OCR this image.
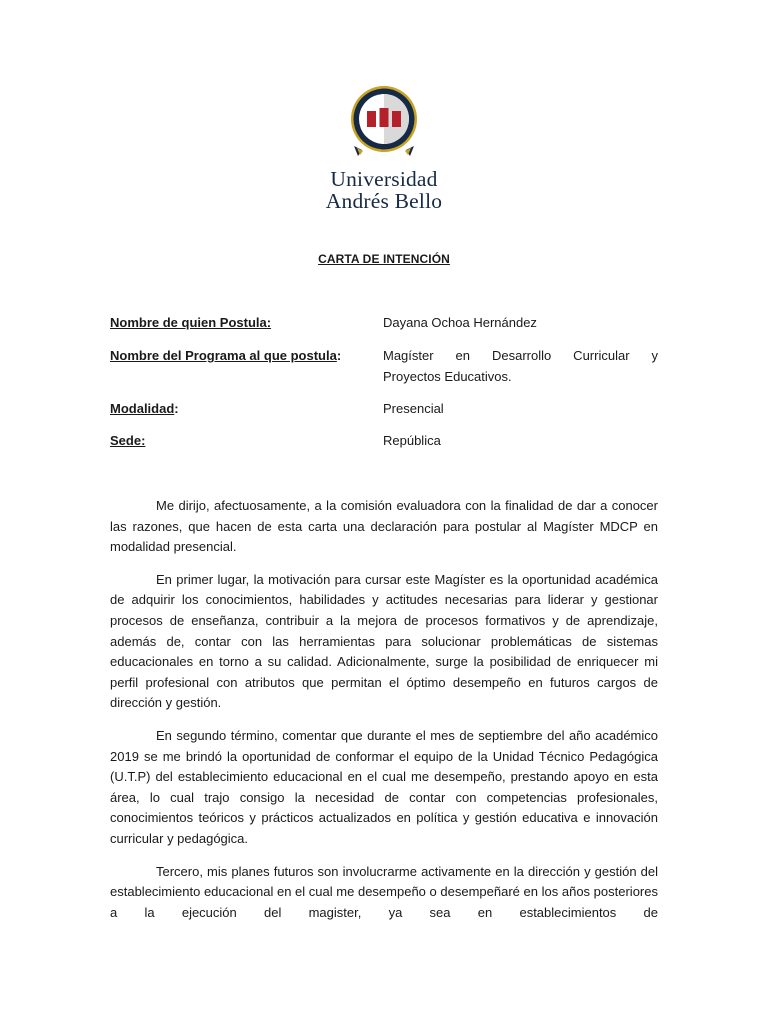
Universidad
Andrés Bello
CARTA DE INTENCIÓN
Nombre de quien Postula:	Dayana Ochoa Hernández
Nombre del Programa al que postula:	Magíster en Desarrollo Curricular y
Proyectos Educativos.
Modalidad:	Presencial
Sede:	República

Me dirijo, afectuosamente, a la comisión evaluadora con la finalidad de dar a conocer las razones, que hacen de esta carta una declaración para postular al Magíster MDCP en modalidad presencial.

En primer lugar, la motivación para cursar este Magíster es la oportunidad académica de adquirir los conocimientos, habilidades y actitudes necesarias para liderar y gestionar procesos de enseñanza, contribuir a la mejora de procesos formativos y de aprendizaje, además de, contar con las herramientas para solucionar problemáticas de sistemas educacionales en torno a su calidad. Adicionalmente, surge la posibilidad de enriquecer mi perfil profesional con atributos que permitan el óptimo desempeño en futuros cargos de dirección y gestión.

En segundo término, comentar que durante el mes de septiembre del año académico 2019 se me brindó la oportunidad de conformar el equipo de la Unidad Técnico Pedagógica (U.T.P) del establecimiento educacional en el cual me desempeño, prestando apoyo en esta área, lo cual trajo consigo la necesidad de contar con competencias profesionales, conocimientos teóricos y prácticos actualizados en política y gestión educativa e innovación curricular y pedagógica.

Tercero, mis planes futuros son involucrarme activamente en la dirección y gestión del establecimiento educacional en el cual me desempeño o desempeñaré en los años posteriores a la ejecución del magister, ya sea en establecimientos de
